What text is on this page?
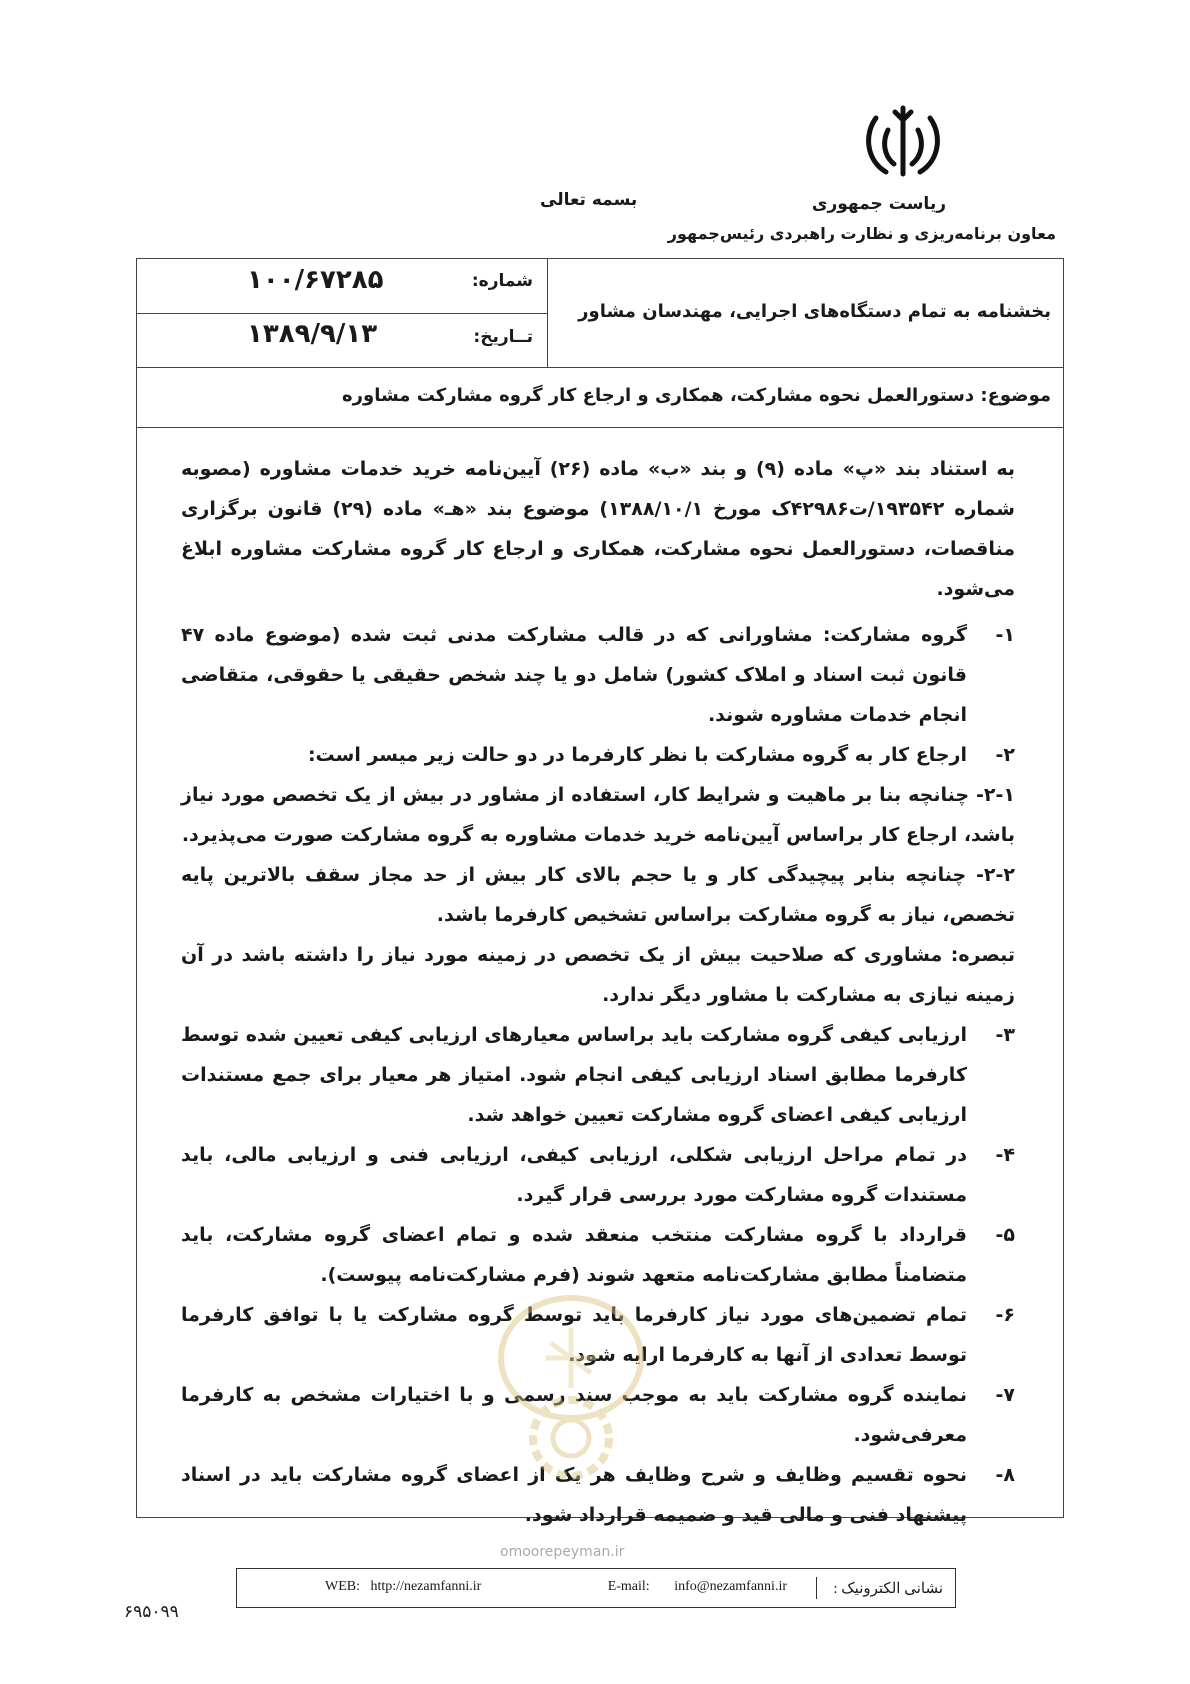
ریاست جمهوری
معاون برنامه‌ریزی و نظارت راهبردی رئیس‌جمهور
بسمه تعالی
شماره:
۱۰۰/۶۷۲۸۵
تــاریخ:
۱۳۸۹/۹/۱۳
بخشنامه به تمام دستگاه‌های اجرایی، مهندسان مشاور
موضوع: دستورالعمل نحوه مشارکت، همکاری و ارجاع کار گروه مشارکت مشاوره

به استناد بند «پ» ماده (۹) و بند «ب» ماده (۲۶) آیین‌نامه خرید خدمات مشاوره (مصوبه شماره ۱۹۳۵۴۲/ت۴۲۹۸۶ک مورخ ۱۳۸۸/۱۰/۱) موضوع بند «هـ» ماده (۲۹) قانون برگزاری مناقصات، دستورالعمل نحوه مشارکت، همکاری و ارجاع کار گروه مشارکت مشاوره ابلاغ می‌شود.

۱-
گروه مشارکت: مشاورانی که در قالب مشارکت مدنی ثبت شده (موضوع ماده ۴۷ قانون ثبت اسناد و املاک کشور) شامل دو یا چند شخص حقیقی یا حقوقی، متقاضی انجام خدمات مشاوره شوند.

۲-
ارجاع کار به گروه مشارکت با نظر کارفرما در دو حالت زیر میسر است:

۲-۱- چنانچه بنا بر ماهیت و شرایط کار، استفاده از مشاور در بیش از یک تخصص مورد نیاز باشد، ارجاع کار براساس آیین‌نامه خرید خدمات مشاوره به گروه مشارکت صورت می‌پذیرد.

۲-۲- چنانچه بنابر پیچیدگی کار و یا حجم بالای کار بیش از حد مجاز سقف بالاترین پایه تخصص، نیاز به گروه مشارکت براساس تشخیص کارفرما باشد.

تبصره: مشاوری که صلاحیت بیش از یک تخصص در زمینه مورد نیاز را داشته باشد در آن زمینه نیازی به مشارکت با مشاور دیگر ندارد.

۳-
ارزیابی کیفی گروه مشارکت باید براساس معیارهای ارزیابی کیفی تعیین شده توسط کارفرما مطابق اسناد ارزیابی کیفی انجام شود. امتیاز هر معیار برای جمع مستندات ارزیابی کیفی اعضای گروه مشارکت تعیین خواهد شد.

۴-
در تمام مراحل ارزیابی شکلی، ارزیابی کیفی، ارزیابی فنی و ارزیابی مالی، باید مستندات گروه مشارکت مورد بررسی قرار گیرد.

۵-
قرارداد با گروه مشارکت منتخب منعقد شده و تمام اعضای گروه مشارکت، باید متضامناً مطابق مشارکت‌نامه متعهد شوند (فرم مشارکت‌نامه پیوست).

۶-
تمام تضمین‌های مورد نیاز کارفرما باید توسط گروه مشارکت یا با توافق کارفرما توسط تعدادی از آنها به کارفرما ارایه شود.

۷-
نماینده گروه مشارکت باید به موجب سند رسمی و با اختیارات مشخص به کارفرما معرفی‌شود.

۸-
نحوه تقسیم وظایف و شرح وظایف هر یک از اعضای گروه مشارکت باید در اسناد پیشنهاد فنی و مالی قید و ضمیمه قرارداد شود.

omoorepeyman.ir
نشانی الکترونیک :
E-mail: info@nezamfanni.ir
WEB: http://nezamfanni.ir
۶۹۵۰۹۹
